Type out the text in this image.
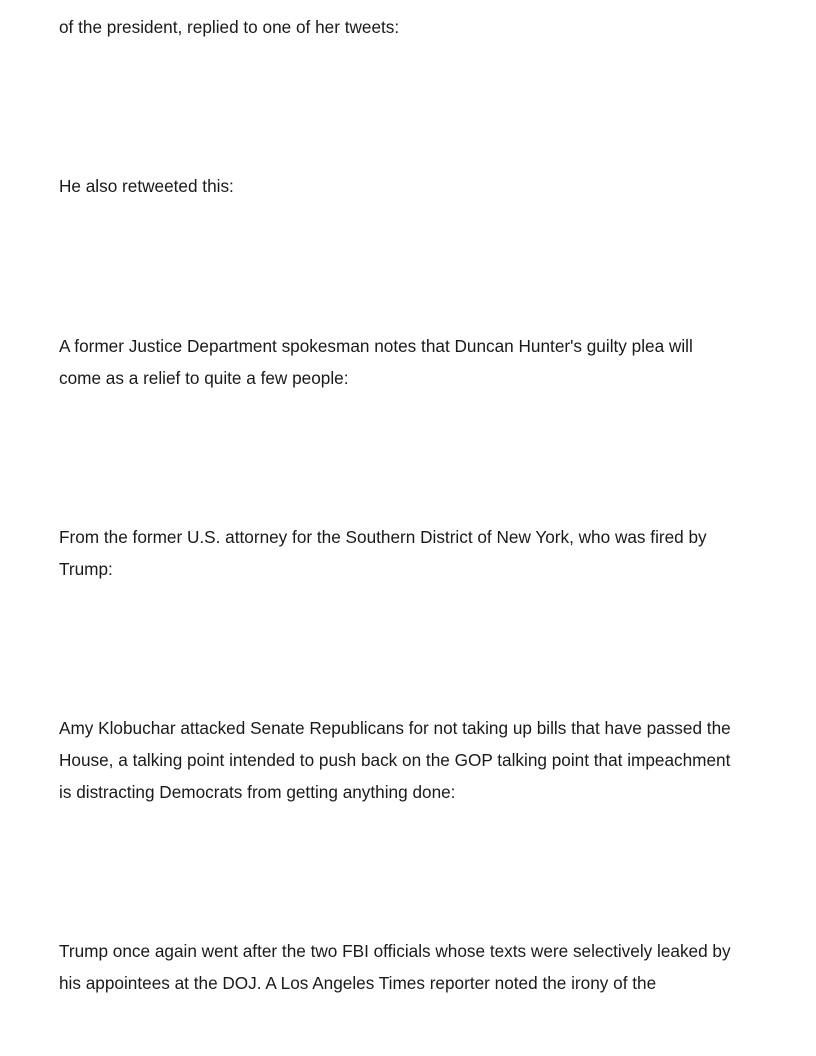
of the president, replied to one of her tweets:

He also retweeted this:

A former Justice Department spokesman notes that Duncan Hunter's guilty plea will
come as a relief to quite a few people:

From the former U.S. attorney for the Southern District of New York, who was fired by
Trump:

Amy Klobuchar attacked Senate Republicans for not taking up bills that have passed the
House, a talking point intended to push back on the GOP talking point that impeachment
is distracting Democrats from getting anything done:

Trump once again went after the two FBI officials whose texts were selectively leaked by
his appointees at the DOJ. A Los Angeles Times reporter noted the irony of the
